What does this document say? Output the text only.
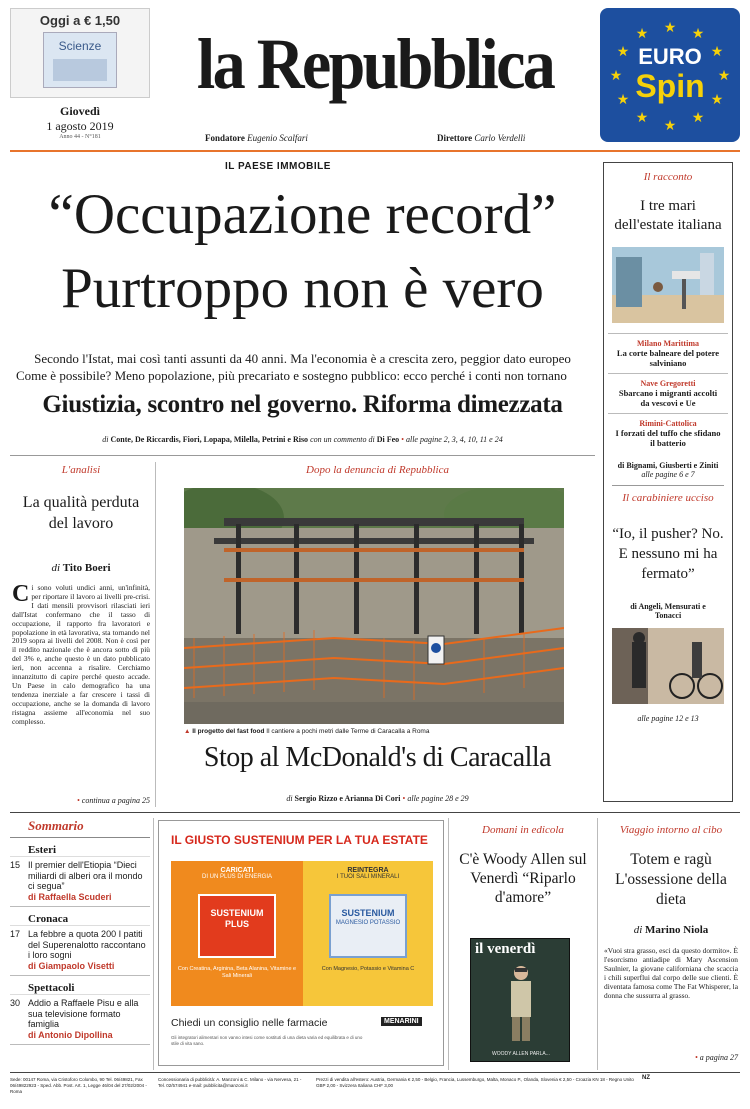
Oggi a € 1,50
Scienze
Giovedì
1 agosto 2019
Anno 44 - N°181
la Repubblica
Fondatore Eugenio Scalfari	Direttore Carlo Verdelli
★ ★
★
★
★
★
★
★
★
★
★
★
EURO
Spin
IL PAESE IMMOBILE
“Occupazione record”
Purtroppo non è vero
Secondo l'Istat, mai così tanti assunti da 40 anni. Ma l'economia è a crescita zero, peggior dato europeo
Come è possibile? Meno popolazione, più precariato e sostegno pubblico: ecco perché i conti non tornano
Giustizia, scontro nel governo. Riforma dimezzata
di Conte, De Riccardis, Fiori, Lopapa, Milella, Petrini e Riso con un commento di Di Feo • alle pagine 2, 3, 4, 10, 11 e 24
Il racconto
I tre mari dell'estate italiana
Milano Marittima
La corte balneare del potere salviniano
Nave Gregoretti
Sbarcano i migranti accolti da vescovi e Ue
Rimini-Cattolica
I forzati del tuffo che sfidano il batterio
di Bignami, Giusberti e Ziniti
alle pagine 6 e 7
Il carabiniere ucciso
“Io, il pusher? No. E nessuno mi ha fermato”
di Angeli, Mensurati e Tonacci
alle pagine 12 e 13
L'analisi
La qualità perduta del lavoro
di Tito Boeri
Ci sono voluti undici anni, un'infinità, per riportare il lavoro ai livelli pre-crisi. I dati mensili provvisori rilasciati ieri dall'Istat confermano che il tasso di occupazione, il rapporto fra lavoratori e popolazione in età lavorativa, sta tornando nel 2019 sopra ai livelli del 2008. Non è così per il reddito nazionale che è ancora sotto di più del 3% e, anche questo è un dato pubblicato ieri, non accenna a risalire. Cerchiamo innanzitutto di capire perché questo accade. Un Paese in calo demografico ha una tendenza inerziale a far crescere i tassi di occupazione, anche se la domanda di lavoro ristagna assieme all'economia nel suo complesso.
• continua a pagina 25
Dopo la denuncia di Repubblica
▲ Il progetto del fast food Il cantiere a pochi metri dalle Terme di Caracalla a Roma
Stop al McDonald's di Caracalla
di Sergio Rizzo e Arianna Di Cori • alle pagine 28 e 29
Sommario
Esteri
15 Il premier dell'Etiopia “Dieci miliardi di alberi ora il mondo ci segua”
di Raffaella Scuderi
Cronaca
17 La febbre a quota 200 I patiti del Superenalotto raccontano i loro sogni
di Giampaolo Visetti
Spettacoli
30 Addio a Raffaele Pisu e alla sua televisione formato famiglia
di Antonio Dipollina
IL GIUSTO SUSTENIUM PER LA TUA ESTATE
CARICATI
DI UN PLUS DI ENERGIA
SUSTENIUM PLUS
Con Creatina, Arginina, Beta Alanina, Vitamine e Sali Minerali
REINTEGRA
I TUOI SALI MINERALI
SUSTENIUM
MAGNESIO POTASSIO
Con Magnesio, Potassio e Vitamina C
Chiedi un consiglio nelle farmacie	MENARINI
Gli integratori alimentari non vanno intesi come sostituti di una dieta varia ed equilibrata e di uno stile di vita sano.
Domani in edicola
C'è Woody Allen sul Venerdì “Riparlo d'amore”
il venerdì
WOODY ALLEN PARLA...
Viaggio intorno al cibo
Totem e ragù L'ossessione della dieta
di Marino Niola
«Vuoi stra grasso, esci da questo dormito». È l'esorcismo antiadipe di Mary Ascension Saulnier, la giovane californiana che scaccia i chili superflui dal corpo delle sue clienti. È diventata famosa come The Fat Whisperer, la donna che sussurra al grasso.
• a pagina 27
Sede: 00147 Roma, via Cristoforo Colombo, 90 Tel. 06/49821, Fax 06/49822923 - Sped. Abb. Post. Art. 1, Legge 46/04 del 27/02/2004 - Roma
Concessionaria di pubblicità: A. Manzoni & C. Milano - via Nervesa, 21 - Tel. 02/574941 e-mail: pubblicita@manzoni.it
Prezzi di vendita all'estero: Austria, Germania € 2,50 - Belgio, Francia, Lussemburgo, Malta, Monaco P., Olanda, Slovenia € 2,50 - Croazia KN 18 - Regno Unito GBP 2,00 - Svizzera Italiana CHF 3,00
NZ
